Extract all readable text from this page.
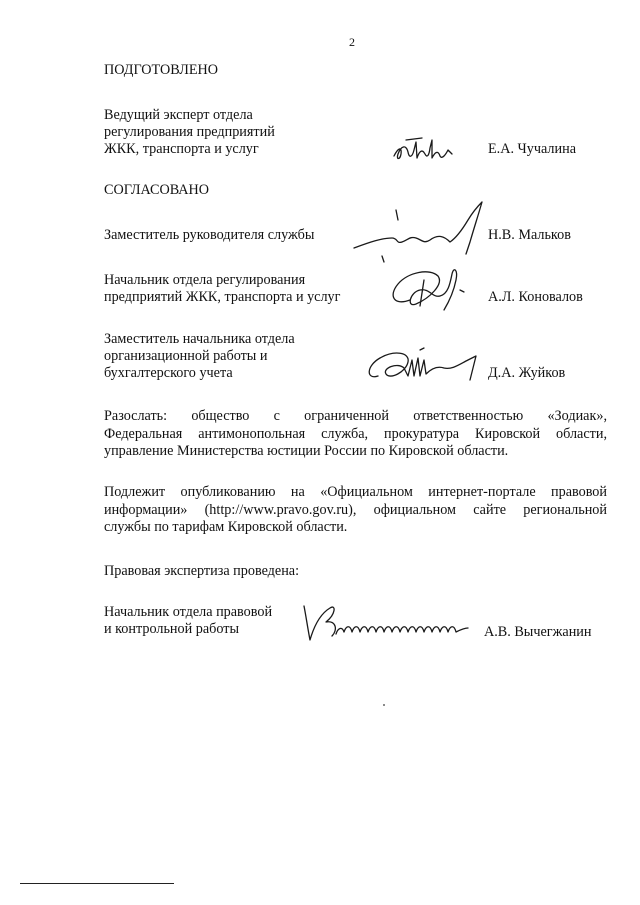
2
ПОДГОТОВЛЕНО
Ведущий эксперт отдела
регулирования предприятий
ЖКК, транспорта и услуг	Е.А. Чучалина
СОГЛАСОВАНО
Заместитель руководителя службы	Н.В. Мальков
Начальник отдела регулирования
предприятий ЖКК, транспорта и услуг	А.Л. Коновалов
Заместитель начальника отдела
организационной работы и
бухгалтерского учета	Д.А. Жуйков
Разослать: общество с ограниченной ответственностью «Зодиак»,
Федеральная антимонопольная служба, прокуратура Кировской области,
управление Министерства юстиции России по Кировской области.
Подлежит опубликованию на «Официальном интернет-портале правовой
информации» (http://www.pravo.gov.ru), официальном сайте региональной
службы по тарифам Кировской области.
Правовая экспертиза проведена:
Начальник отдела правовой
и контрольной работы	А.В. Вычегжанин
